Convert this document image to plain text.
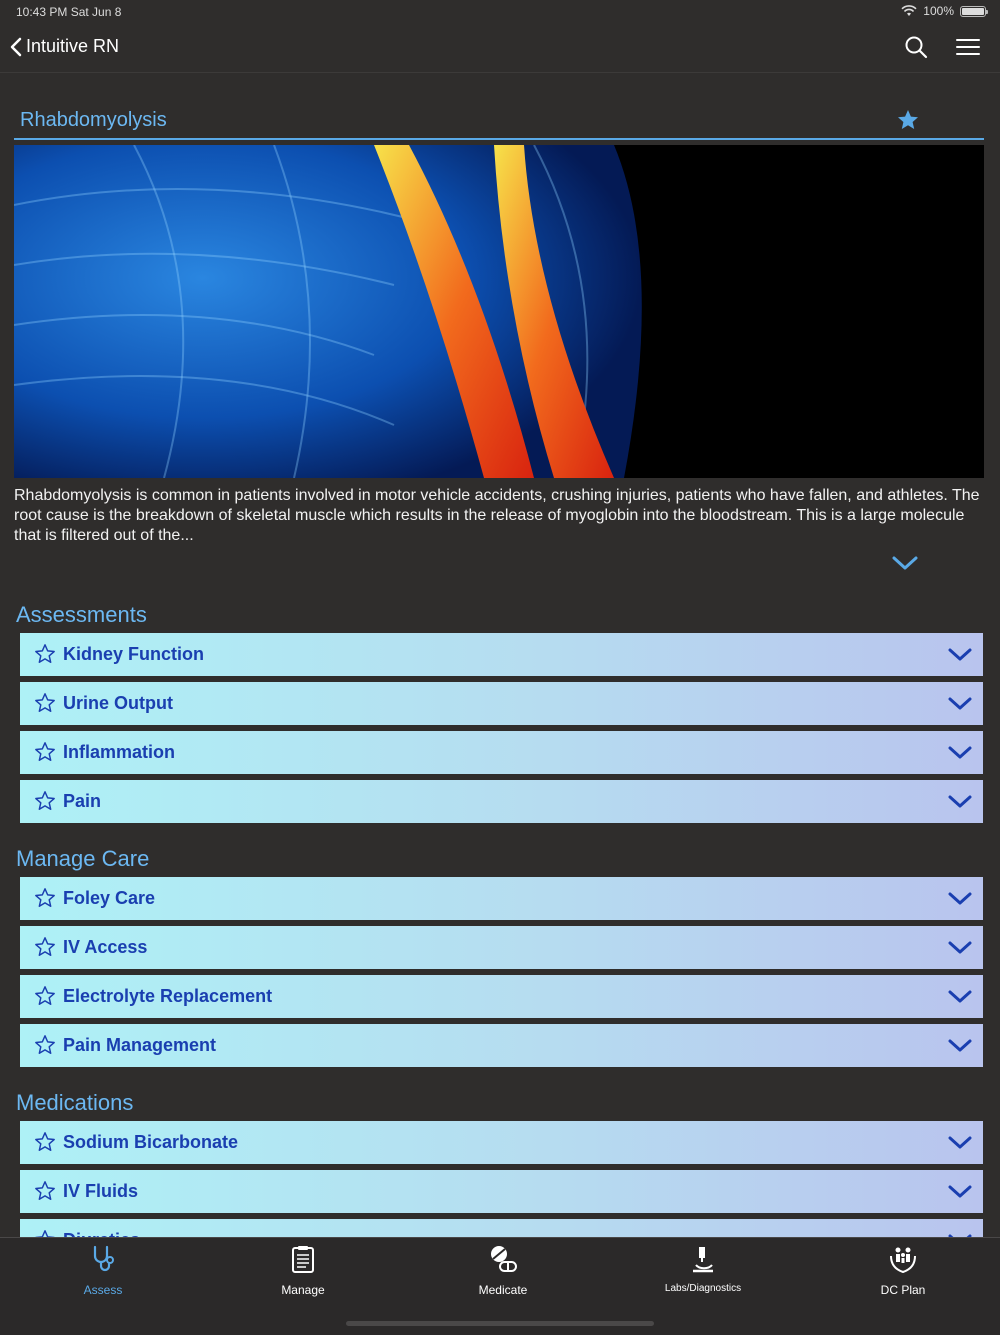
10:43 PM Sat Jun 8	100%
Intuitive RN
Rhabdomyolysis
Rhabdomyolysis is common in patients involved in motor vehicle accidents, crushing injuries, patients who have fallen, and athletes. The root cause is the breakdown of skeletal muscle which results in the release of myoglobin into the bloodstream. This is a large molecule that is filtered out of the...
Assessments
Kidney Function
Urine Output
Inflammation
Pain
Manage Care
Foley Care
IV Access
Electrolyte Replacement
Pain Management
Medications
Sodium Bicarbonate
IV Fluids
Assess	Manage	Medicate	Labs/Diagnostics	DC Plan
